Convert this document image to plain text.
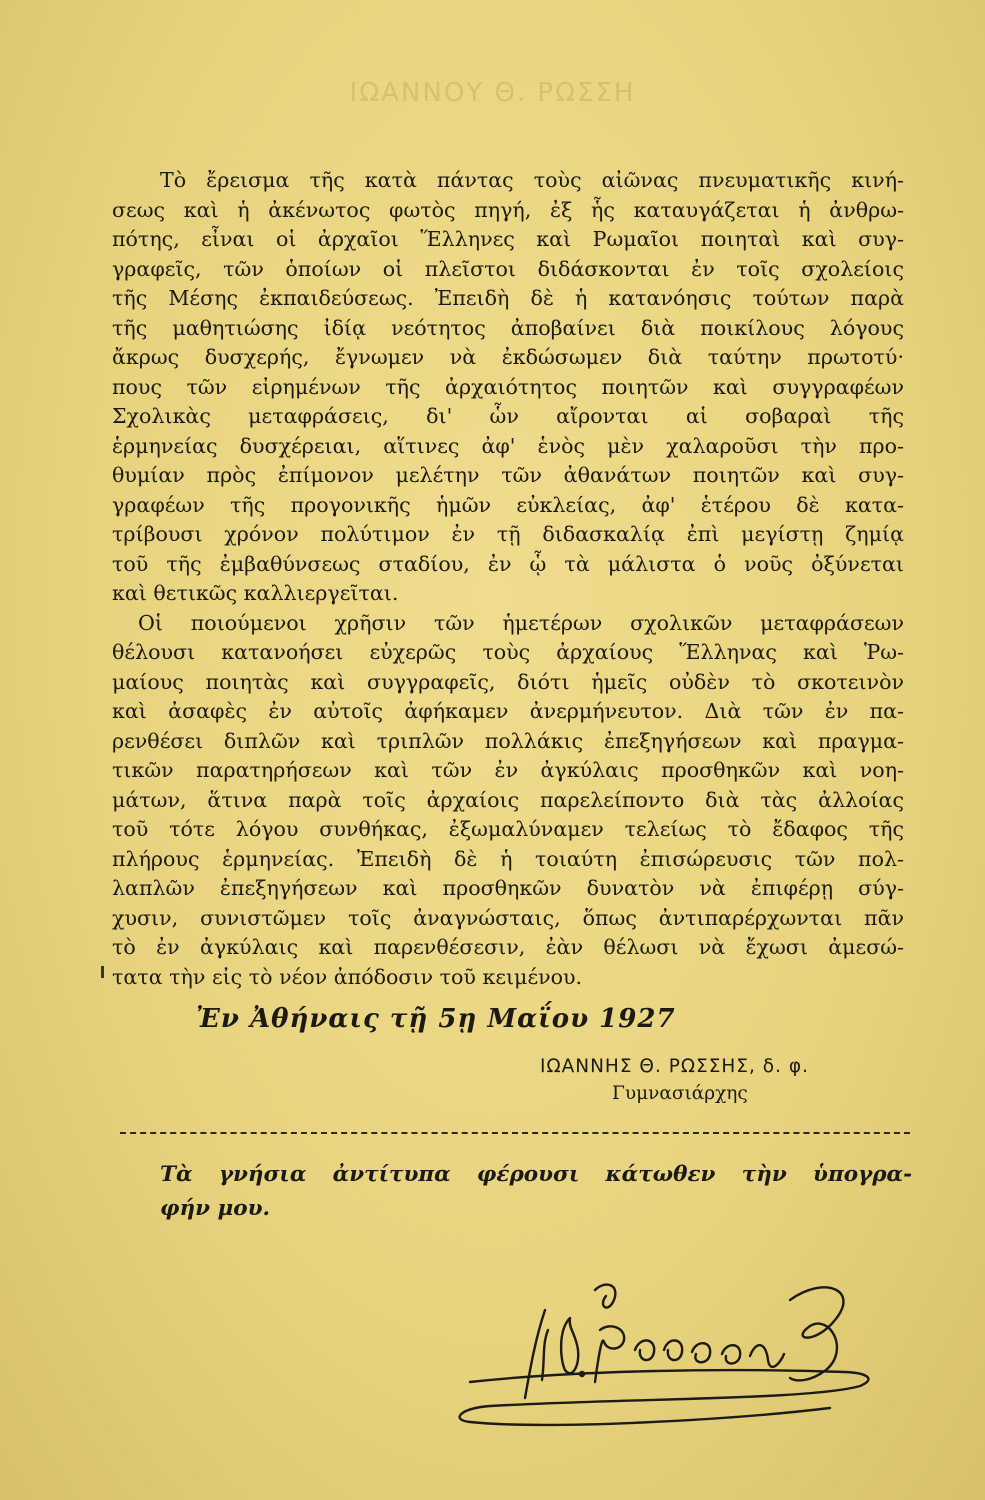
ΙΩΑΝΝΟΥ Θ. ΡΩΣΣΗ
Τὸ ἔρεισμα τῆς κατὰ πάντας τοὺς αἰῶνας πνευματικῆς κινή-
σεως καὶ ἡ ἀκένωτος φωτὸς πηγή, ἐξ ἧς καταυγάζεται ἡ ἀνθρω-
πότης, εἶναι οἱ ἀρχαῖοι Ἕλληνες καὶ Ρωμαῖοι ποιηταὶ καὶ συγ-
γραφεῖς, τῶν ὁποίων οἱ πλεῖστοι διδάσκονται ἐν τοῖς σχολείοις
τῆς Μέσης ἐκπαιδεύσεως. Ἐπειδὴ δὲ ἡ κατανόησις τούτων παρὰ
τῆς μαθητιώσης ἰδίᾳ νεότητος ἀποβαίνει διὰ ποικίλους λόγους
ἄκρως δυσχερής, ἔγνωμεν νὰ ἐκδώσωμεν διὰ ταύτην πρωτοτύ·
πους τῶν εἰρημένων τῆς ἀρχαιότητος ποιητῶν καὶ συγγραφέων
Σχολικὰς μεταφράσεις, δι' ὧν αἴρονται αἱ σοβαραὶ τῆς
ἑρμηνείας δυσχέρειαι, αἵτινες ἀφ' ἑνὸς μὲν χαλαροῦσι τὴν προ-
θυμίαν πρὸς ἐπίμονον μελέτην τῶν ἀθανάτων ποιητῶν καὶ συγ-
γραφέων τῆς προγονικῆς ἡμῶν εὐκλείας, ἀφ' ἑτέρου δὲ κατα-
τρίβουσι χρόνον πολύτιμον ἐν τῇ διδασκαλίᾳ ἐπὶ μεγίστῃ ζημίᾳ
τοῦ τῆς ἐμβαθύνσεως σταδίου, ἐν ᾧ τὰ μάλιστα ὁ νοῦς ὀξύνεται
καὶ θετικῶς καλλιεργεῖται.
Οἱ ποιούμενοι χρῆσιν τῶν ἡμετέρων σχολικῶν μεταφράσεων
θέλουσι κατανοήσει εὐχερῶς τοὺς ἀρχαίους Ἕλληνας καὶ Ῥω-
μαίους ποιητὰς καὶ συγγραφεῖς, διότι ἡμεῖς οὐδὲν τὸ σκοτεινὸν
καὶ ἀσαφὲς ἐν αὐτοῖς ἀφήκαμεν ἀνερμήνευτον. Διὰ τῶν ἐν πα-
ρενθέσει διπλῶν καὶ τριπλῶν πολλάκις ἐπεξηγήσεων καὶ πραγμα-
τικῶν παρατηρήσεων καὶ τῶν ἐν ἀγκύλαις προσθηκῶν καὶ νοη-
μάτων, ἅτινα παρὰ τοῖς ἀρχαίοις παρελείποντο διὰ τὰς ἀλλοίας
τοῦ τότε λόγου συνθήκας, ἐξωμαλύναμεν τελείως τὸ ἔδαφος τῆς
πλήρους ἑρμηνείας. Ἐπειδὴ δὲ ἡ τοιαύτη ἐπισώρευσις τῶν πολ-
λαπλῶν ἐπεξηγήσεων καὶ προσθηκῶν δυνατὸν νὰ ἐπιφέρῃ σύγ-
χυσιν, συνιστῶμεν τοῖς ἀναγνώσταις, ὅπως ἀντιπαρέρχωνται πᾶν
τὸ ἐν ἀγκύλαις καὶ παρενθέσεσιν, ἐὰν θέλωσι νὰ ἔχωσι ἀμεσώ-
τατα τὴν εἰς τὸ νέον ἀπόδοσιν τοῦ κειμένου.
Ἐν Ἀθήναις τῇ 5ῃ Μαΐου 1927
ΙΩΑΝΝΗΣ Θ. ΡΩΣΣΗΣ, δ. φ.
Γυμνασιάρχης
Τὰ γνήσια ἀντίτυπα φέρουσι κάτωθεν τὴν ὑπογρα-
φήν μου.
